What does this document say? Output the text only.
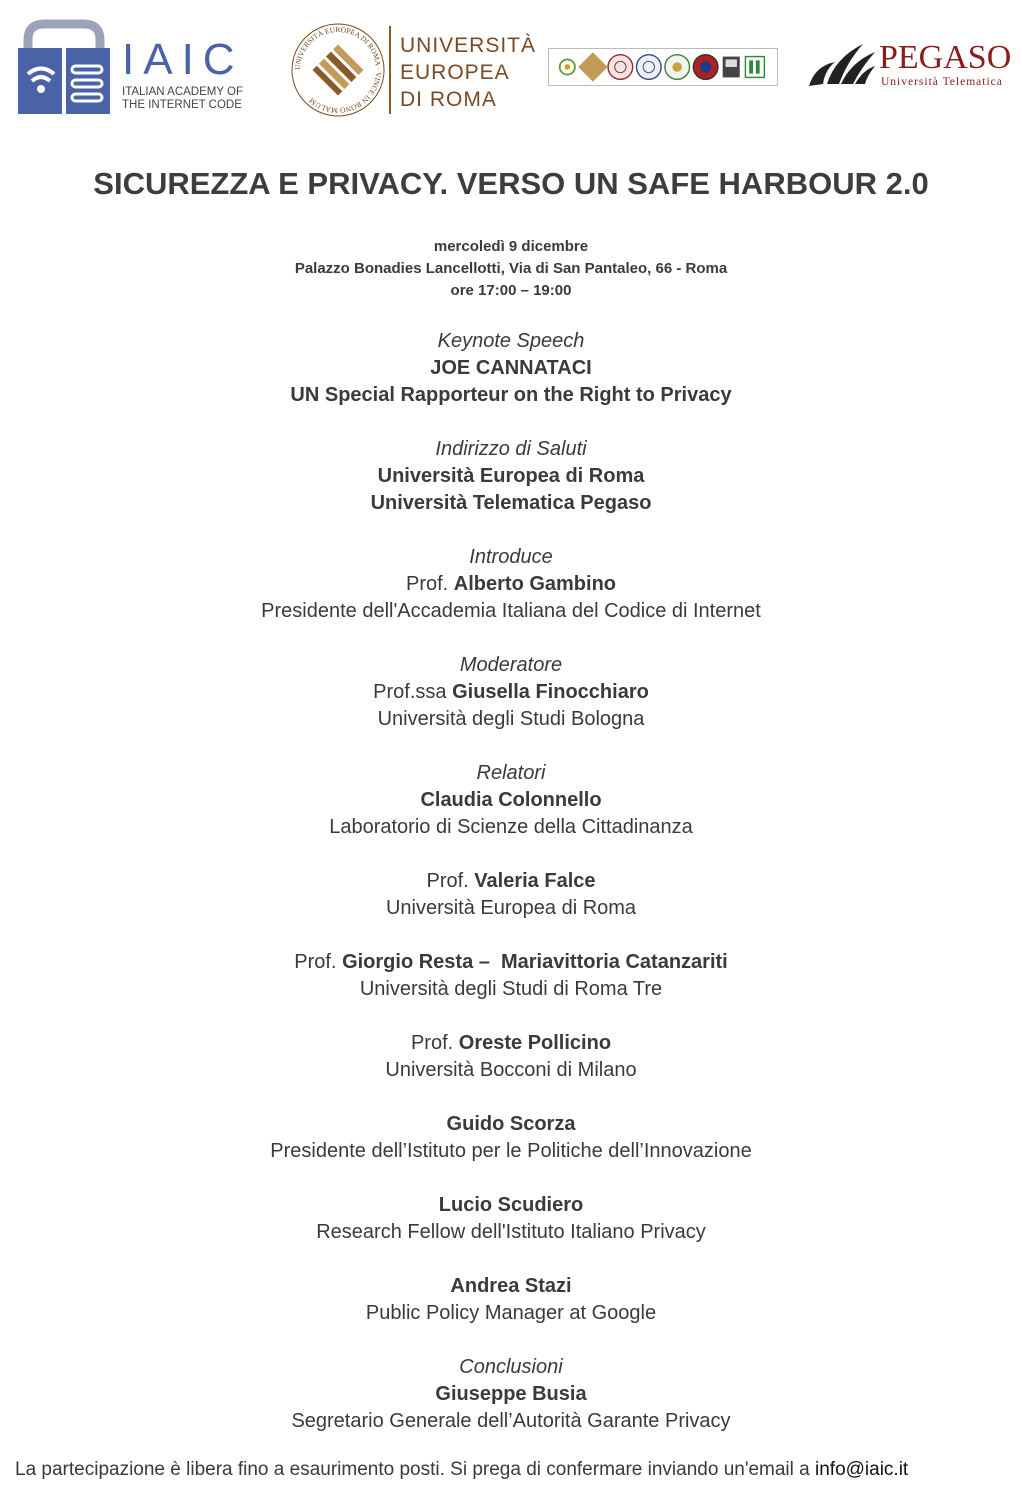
IAIC
ITALIAN ACADEMY OF
THE INTERNET CODE
UNIVERSITÀ EUROPEA DI ROMA · VINCE IN BONO MALUM
UNIVERSITÀ
EUROPEA
DI ROMA
PEGASO
Università Telematica
SICUREZZA E PRIVACY. VERSO UN SAFE HARBOUR 2.0
mercoledì 9 dicembre
Palazzo Bonadies Lancellotti, Via di San Pantaleo, 66 - Roma
ore 17:00 – 19:00
Keynote Speech
JOE CANNATACI
UN Special Rapporteur on the Right to Privacy
Indirizzo di Saluti
Università Europea di Roma
Università Telematica Pegaso
Introduce
Prof. Alberto Gambino
Presidente dell'Accademia Italiana del Codice di Internet
Moderatore
Prof.ssa Giusella Finocchiaro
Università degli Studi Bologna
Relatori
Claudia Colonnello
Laboratorio di Scienze della Cittadinanza
Prof. Valeria Falce
Università Europea di Roma
Prof. Giorgio Resta –  Mariavittoria Catanzariti
Università degli Studi di Roma Tre
Prof. Oreste Pollicino
Università Bocconi di Milano
Guido Scorza
Presidente dell’Istituto per le Politiche dell’Innovazione
Lucio Scudiero
Research Fellow dell'Istituto Italiano Privacy
Andrea Stazi
Public Policy Manager at Google
Conclusioni
Giuseppe Busia
Segretario Generale dell’Autorità Garante Privacy
La partecipazione è libera fino a esaurimento posti. Si prega di confermare inviando un'email a info@iaic.it
